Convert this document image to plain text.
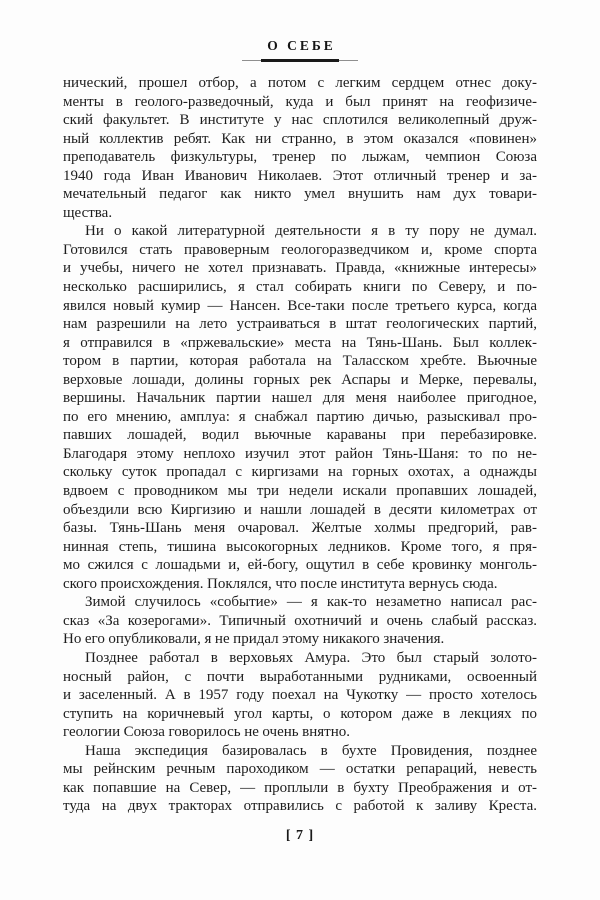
О СЕБЕ
нический, прошел отбор, а потом с легким сердцем отнес доку-
менты в геолого-разведочный, куда и был принят на геофизиче-
ский факультет. В институте у нас сплотился великолепный друж-
ный коллектив ребят. Как ни странно, в этом оказался «повинен»
преподаватель физкультуры, тренер по лыжам, чемпион Союза
1940 года Иван Иванович Николаев. Этот отличный тренер и за-
мечательный педагог как никто умел внушить нам дух товари-
щества.
Ни о какой литературной деятельности я в ту пору не думал.
Готовился стать правоверным геологоразведчиком и, кроме спорта
и учебы, ничего не хотел признавать. Правда, «книжные интересы»
несколько расширились, я стал собирать книги по Северу, и по-
явился новый кумир — Нансен. Все-таки после третьего курса, когда
нам разрешили на лето устраиваться в штат геологических партий,
я отправился в «пржевальские» места на Тянь-Шань. Был коллек-
тором в партии, которая работала на Таласском хребте. Вьючные
верховые лошади, долины горных рек Аспары и Мерке, перевалы,
вершины. Начальник партии нашел для меня наиболее пригодное,
по его мнению, амплуа: я снабжал партию дичью, разыскивал про-
павших лошадей, водил вьючные караваны при перебазировке.
Благодаря этому неплохо изучил этот район Тянь-Шаня: то по не-
скольку суток пропадал с киргизами на горных охотах, а однажды
вдвоем с проводником мы три недели искали пропавших лошадей,
объездили всю Киргизию и нашли лошадей в десяти километрах от
базы. Тянь-Шань меня очаровал. Желтые холмы предгорий, рав-
нинная степь, тишина высокогорных ледников. Кроме того, я пря-
мо сжился с лошадьми и, ей-богу, ощутил в себе кровинку монголь-
ского происхождения. Поклялся, что после института вернусь сюда.
Зимой случилось «событие» — я как-то незаметно написал рас-
сказ «За козерогами». Типичный охотничий и очень слабый рассказ.
Но его опубликовали, я не придал этому никакого значения.
Позднее работал в верховьях Амура. Это был старый золото-
носный район, с почти выработанными рудниками, освоенный
и заселенный. А в 1957 году поехал на Чукотку — просто хотелось
ступить на коричневый угол карты, о котором даже в лекциях по
геологии Союза говорилось не очень внятно.
Наша экспедиция базировалась в бухте Провидения, позднее
мы рейнским речным пароходиком — остатки репараций, невесть
как попавшие на Север, — проплыли в бухту Преображения и от-
туда на двух тракторах отправились с работой к заливу Креста.
[ 7 ]
